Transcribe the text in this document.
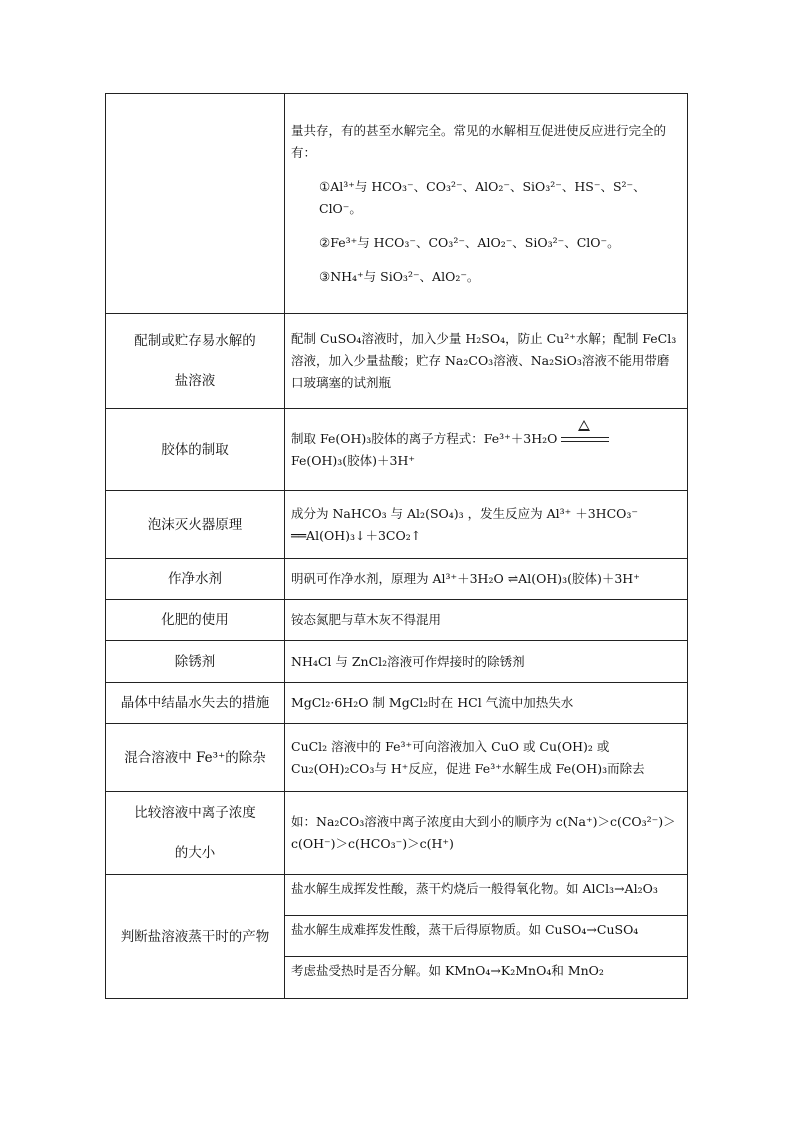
	量共存，有的甚至水解完全。常见的水解相互促进使反应进行完全的有：
①Al³⁺与 HCO₃⁻、CO₃²⁻、AlO₂⁻、SiO₃²⁻、HS⁻、S²⁻、ClO⁻。
②Fe³⁺与 HCO₃⁻、CO₃²⁻、AlO₂⁻、SiO₃²⁻、ClO⁻。
③NH₄⁺与 SiO₃²⁻、AlO₂⁻。

配制或贮存易水解的
盐溶液	配制 CuSO₄溶液时，加入少量 H₂SO₄，防止 Cu²⁺水解；配制 FeCl₃溶液，加入少量盐酸；贮存 Na₂CO₃溶液、Na₂SiO₃溶液不能用带磨口玻璃塞的试剂瓶
胶体的制取	制取 Fe(OH)₃胶体的离子方程式：Fe³⁺＋3H₂O
Fe(OH)₃(胶体)＋3H⁺
泡沫灭火器原理	成分为 NaHCO₃ 与 Al₂(SO₄)₃ ，发生反应为 Al³⁺ ＋3HCO₃⁻ ══Al(OH)₃↓＋3CO₂↑
作净水剂	明矾可作净水剂，原理为 Al³⁺＋3H₂O ⇌Al(OH)₃(胶体)＋3H⁺
化肥的使用	铵态氮肥与草木灰不得混用
除锈剂	NH₄Cl 与 ZnCl₂溶液可作焊接时的除锈剂
晶体中结晶水失去的措施	MgCl₂·6H₂O 制 MgCl₂时在 HCl 气流中加热失水
混合溶液中 Fe³⁺的除杂	CuCl₂ 溶液中的 Fe³⁺可向溶液加入 CuO 或 Cu(OH)₂ 或 Cu₂(OH)₂CO₃与 H⁺反应，促进 Fe³⁺水解生成 Fe(OH)₃而除去

比较溶液中离子浓度
的大小	如：Na₂CO₃溶液中离子浓度由大到小的顺序为 c(Na⁺)＞c(CO₃²⁻)＞c(OH⁻)＞c(HCO₃⁻)＞c(H⁺)
判断盐溶液蒸干时的产物	盐水解生成挥发性酸，蒸干灼烧后一般得氧化物。如 AlCl₃→Al₂O₃
盐水解生成难挥发性酸，蒸干后得原物质。如 CuSO₄→CuSO₄
考虑盐受热时是否分解。如 KMnO₄→K₂MnO₄和 MnO₂
